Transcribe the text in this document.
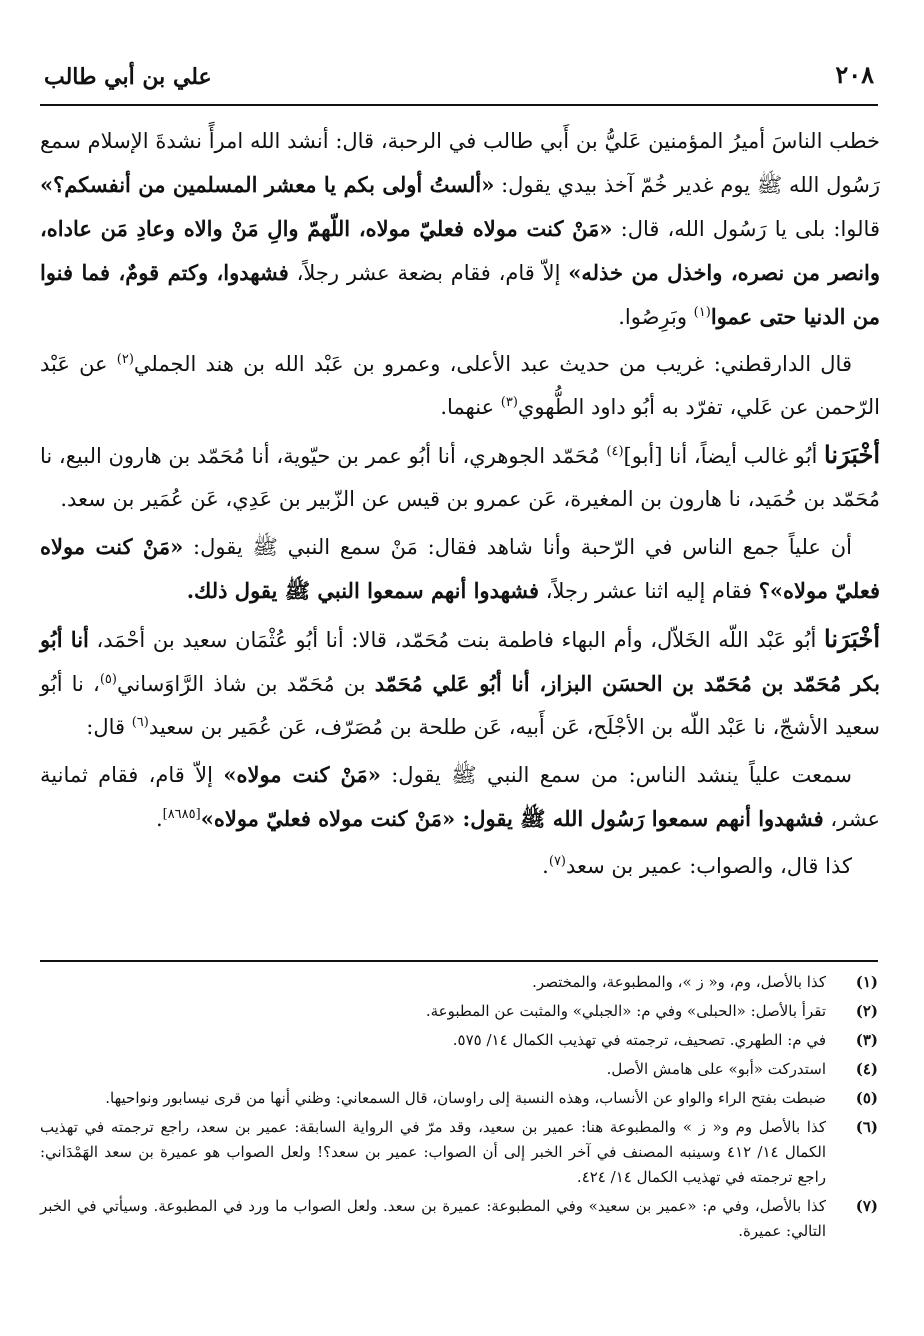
٢٠٨
علي بن أبي طالب

خطب الناسَ أميرُ المؤمنين عَليُّ بن أَبي طالب في الرحبة، قال: أنشد الله امرأً نشدةَ الإسلام سمع رَسُول الله ﷺ يوم غدير خُمّ آخذ بيدي يقول: «ألستُ أولى بكم يا معشر المسلمين من أنفسكم؟» قالوا: بلى يا رَسُول الله، قال: «مَنْ كنت مولاه فعليّ مولاه، اللّهمّ والِ مَنْ والاه وعادِ مَن عاداه، وانصر من نصره، واخذل من خذله» إلاّ قام، فقام بضعة عشر رجلاً، فشهدوا، وكتم قومٌ، فما فنوا من الدنيا حتى عموا$^{(١)}$ وبَرِصُوا.

قال الدارقطني: غريب من حديث عبد الأعلى، وعمرو بن عَبْد الله بن هند الجملي$^{(٢)}$ عن عَبْد الرّحمن عن عَلي، تفرّد به أبُو داود الطُّهوي$^{(٣)}$ عنهما.

أخْبَرَنا أبُو غالب أيضاً، أنا [أبو]$^{(٤)}$ مُحَمّد الجوهري، أنا أبُو عمر بن حيّوية، أنا مُحَمّد بن هارون البيع، نا مُحَمّد بن حُمَيد، نا هارون بن المغيرة، عَن عمرو بن قيس عن الزّبير بن عَدِي، عَن عُمَير بن سعد.

أن علياً جمع الناس في الرّحبة وأنا شاهد فقال: مَنْ سمع النبي ﷺ يقول: «مَنْ كنت مولاه فعليّ مولاه»؟ فقام إليه اثنا عشر رجلاً، فشهدوا أنهم سمعوا النبي ﷺ يقول ذلك.

أخْبَرَنا أبُو عَبْد اللّه الخَلاّل، وأم البهاء فاطمة بنت مُحَمّد، قالا: أنا أبُو عُثْمَان سعيد بن أحْمَد، أنا أبُو بكر مُحَمّد بن مُحَمّد بن الحسَن البزاز، أنا أبُو عَلي مُحَمّد بن مُحَمّد بن شاذ الرَّاوَساني$^{(٥)}$، نا أبُو سعيد الأشجّ، نا عَبْد اللّه بن الأجْلَح، عَن أَبيه، عَن طلحة بن مُصَرّف، عَن عُمَير بن سعيد$^{(٦)}$ قال:

سمعت علياً ينشد الناس: من سمع النبي ﷺ يقول: «مَنْ كنت مولاه» إلاّ قام، فقام ثمانية عشر، فشهدوا أنهم سمعوا رَسُول الله ﷺ يقول: «مَنْ كنت مولاه فعليّ مولاه»[٨٦٨٥].

كذا قال، والصواب: عمير بن سعد$^{(٧)}$.

(١)
كذا بالأصل، وم، و« ز »، والمطبوعة، والمختصر.
(٢)
تقرأ بالأصل: «الحبلى» وفي م: «الجبلي» والمثبت عن المطبوعة.
(٣)
في م: الطهري. تصحيف، ترجمته في تهذيب الكمال ١٤/ ٥٧٥.
(٤)
استدركت «أبو» على هامش الأصل.
(٥)
ضبطت بفتح الراء والواو عن الأنساب، وهذه النسبة إلى راوسان، قال السمعاني: وظني أنها من قرى نيسابور ونواحيها.
(٦)
كذا بالأصل وم و« ز » والمطبوعة هنا: عمير بن سعيد، وقد مرّ في الرواية السابقة: عمير بن سعد، راجع ترجمته في تهذيب الكمال ١٤/ ٤١٢ وسينبه المصنف في آخر الخبر إلى أن الصواب: عمير بن سعد؟! ولعل الصواب هو عميرة بن سعد الهَمْدَاني: راجع ترجمته في تهذيب الكمال ١٤/ ٤٢٤.
(٧)
كذا بالأصل، وفي م: «عمير بن سعيد» وفي المطبوعة: عميرة بن سعد. ولعل الصواب ما ورد في المطبوعة. وسيأتي في الخبر التالي: عميرة.
